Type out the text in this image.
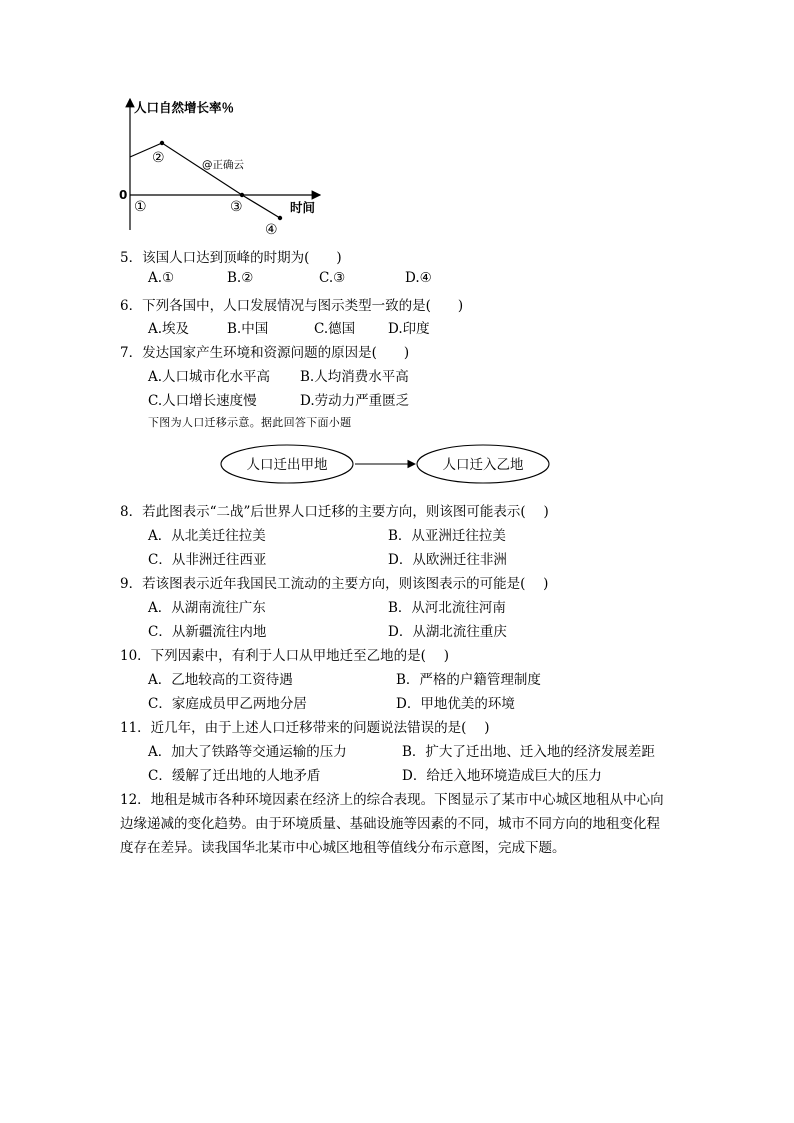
人口自然增长率％
0
时间
@正确云
①
②
③
④
5．该国人口达到顶峰的时期为(　　)
A.①	B.②	C.③	D.④
6．下列各国中，人口发展情况与图示类型一致的是(　　)
A.埃及	B.中国	C.德国 D.印度
7．发达国家产生环境和资源问题的原因是(　　)
A.人口城市化水平高 B.人均消费水平高
C.人口增长速度慢	D.劳动力严重匮乏
下图为人口迁移示意。据此回答下面小题
人口迁出甲地	人口迁入乙地
8．若此图表示“二战”后世界人口迁移的主要方向，则该图可能表示(　 )
A．从北美迁往拉美	B．从亚洲迁往拉美
C．从非洲迁往西亚	D．从欧洲迁往非洲
9．若该图表示近年我国民工流动的主要方向，则该图表示的可能是(　 )
A．从湖南流往广东	B．从河北流往河南
C．从新疆流往内地	D．从湖北流往重庆
10．下列因素中，有利于人口从甲地迁至乙地的是(　 )
A．乙地较高的工资待遇	B．严格的户籍管理制度
C．家庭成员甲乙两地分居	D．甲地优美的环境
11．近几年，由于上述人口迁移带来的问题说法错误的是(　 )
A．加大了铁路等交通运输的压力	B．扩大了迁出地、迁入地的经济发展差距
C．缓解了迁出地的人地矛盾	D．给迁入地环境造成巨大的压力
12．地租是城市各种环境因素在经济上的综合表现。下图显示了某市中心城区地租从中心向
边缘递减的变化趋势。由于环境质量、基础设施等因素的不同，城市不同方向的地租变化程
度存在差异。读我国华北某市中心城区地租等值线分布示意图，完成下题。
